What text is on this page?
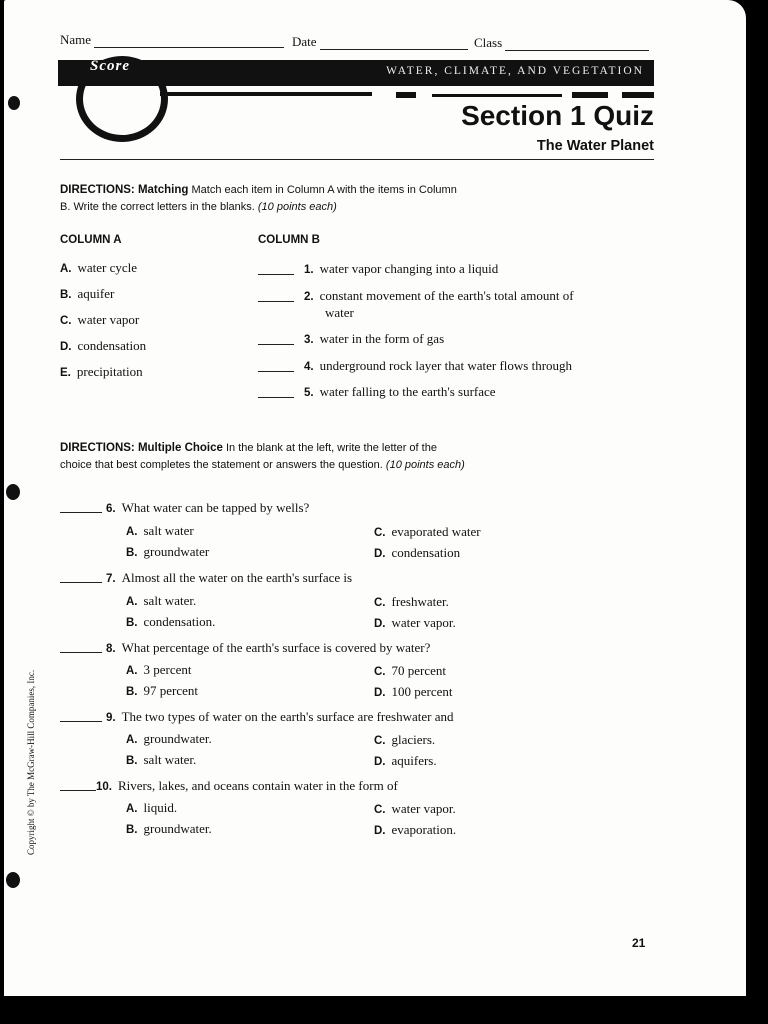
Name	Date	Class
WATER, CLIMATE, AND VEGETATION
Score
Section 1 Quiz
The Water Planet
DIRECTIONS: Matching Match each item in Column A with the items in Column
B. Write the correct letters in the blanks. (10 points each)
COLUMN A	COLUMN B
A. water cycle
B. aquifer
C. water vapor
D. condensation
E. precipitation
1. water vapor changing into a liquid
2. constant movement of the earth's total amount of
water
3. water in the form of gas
4. underground rock layer that water flows through
5. water falling to the earth's surface
DIRECTIONS: Multiple Choice In the blank at the left, write the letter of the
choice that best completes the statement or answers the question. (10 points each)
6. What water can be tapped by wells?
A. salt water	C. evaporated water
B. groundwater	D. condensation
7. Almost all the water on the earth's surface is
A. salt water.	C. freshwater.
B. condensation.	D. water vapor.
8. What percentage of the earth's surface is covered by water?
A. 3 percent	C. 70 percent
B. 97 percent	D. 100 percent
9. The two types of water on the earth's surface are freshwater and
A. groundwater.	C. glaciers.
B. salt water.	D. aquifers.
10. Rivers, lakes, and oceans contain water in the form of
A. liquid.	C. water vapor.
B. groundwater.	D. evaporation.
Copyright © by The McGraw-Hill Companies, Inc.
21
